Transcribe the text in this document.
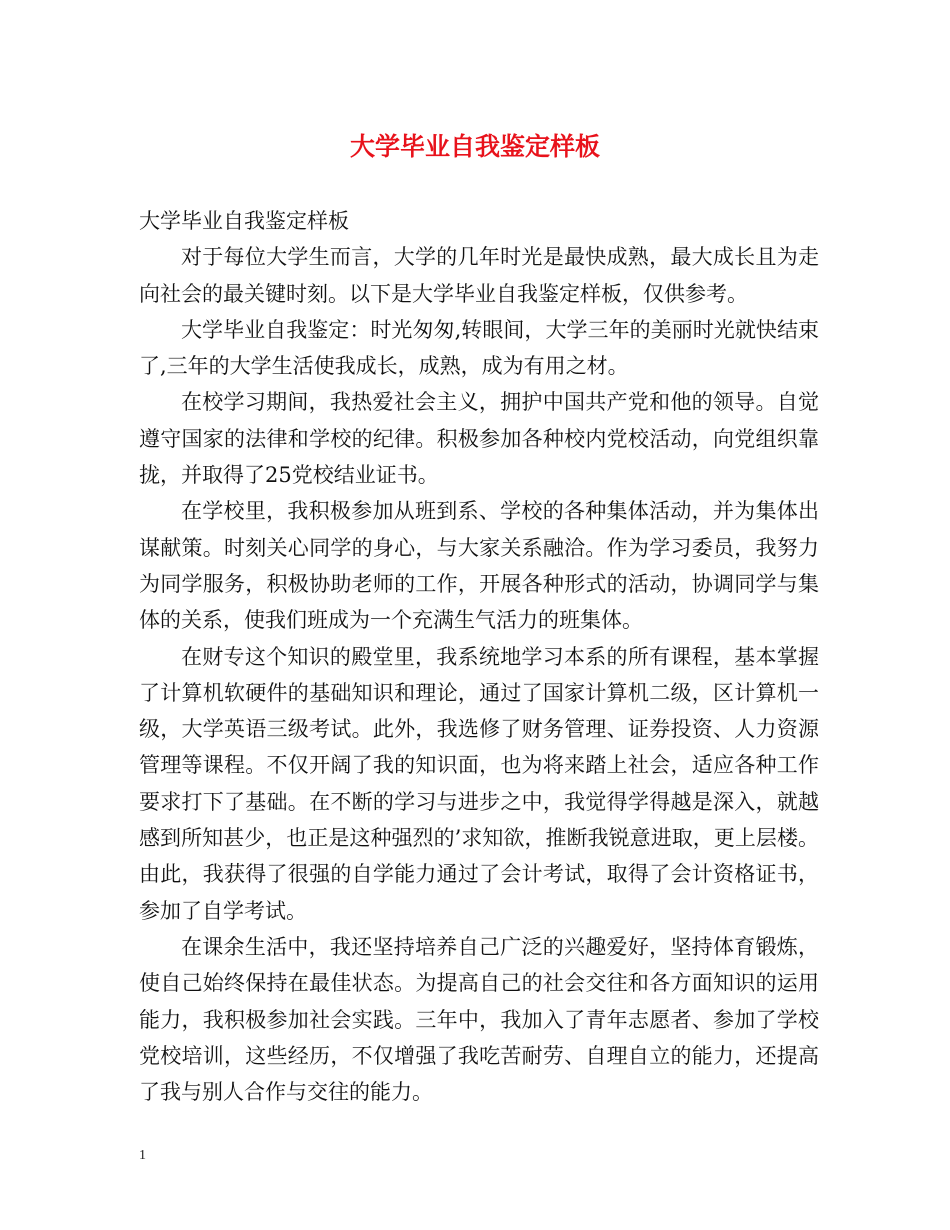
大学毕业自我鉴定样板

大学毕业自我鉴定样板

对于每位大学生而言，大学的几年时光是最快成熟，最大成长且为走向社会的最关键时刻。以下是大学毕业自我鉴定样板，仅供参考。

大学毕业自我鉴定：时光匆匆,转眼间，大学三年的美丽时光就快结束了,三年的大学生活使我成长，成熟，成为有用之材。

在校学习期间，我热爱社会主义，拥护中国共产党和他的领导。自觉遵守国家的法律和学校的纪律。积极参加各种校内党校活动，向党组织靠拢，并取得了25党校结业证书。

在学校里，我积极参加从班到系、学校的各种集体活动，并为集体出谋献策。时刻关心同学的身心，与大家关系融洽。作为学习委员，我努力为同学服务，积极协助老师的工作，开展各种形式的活动，协调同学与集体的关系，使我们班成为一个充满生气活力的班集体。

在财专这个知识的殿堂里，我系统地学习本系的所有课程，基本掌握了计算机软硬件的基础知识和理论，通过了国家计算机二级，区计算机一级，大学英语三级考试。此外，我选修了财务管理、证券投资、人力资源管理等课程。不仅开阔了我的知识面，也为将来踏上社会，适应各种工作要求打下了基础。在不断的学习与进步之中，我觉得学得越是深入，就越感到所知甚少，也正是这种强烈的’求知欲，推断我锐意进取，更上层楼。由此，我获得了很强的自学能力通过了会计考试，取得了会计资格证书，参加了自学考试。

在课余生活中，我还坚持培养自己广泛的兴趣爱好，坚持体育锻炼，使自己始终保持在最佳状态。为提高自己的社会交往和各方面知识的运用能力，我积极参加社会实践。三年中，我加入了青年志愿者、参加了学校党校培训，这些经历，不仅增强了我吃苦耐劳、自理自立的能力，还提高了我与别人合作与交往的能力。

1
